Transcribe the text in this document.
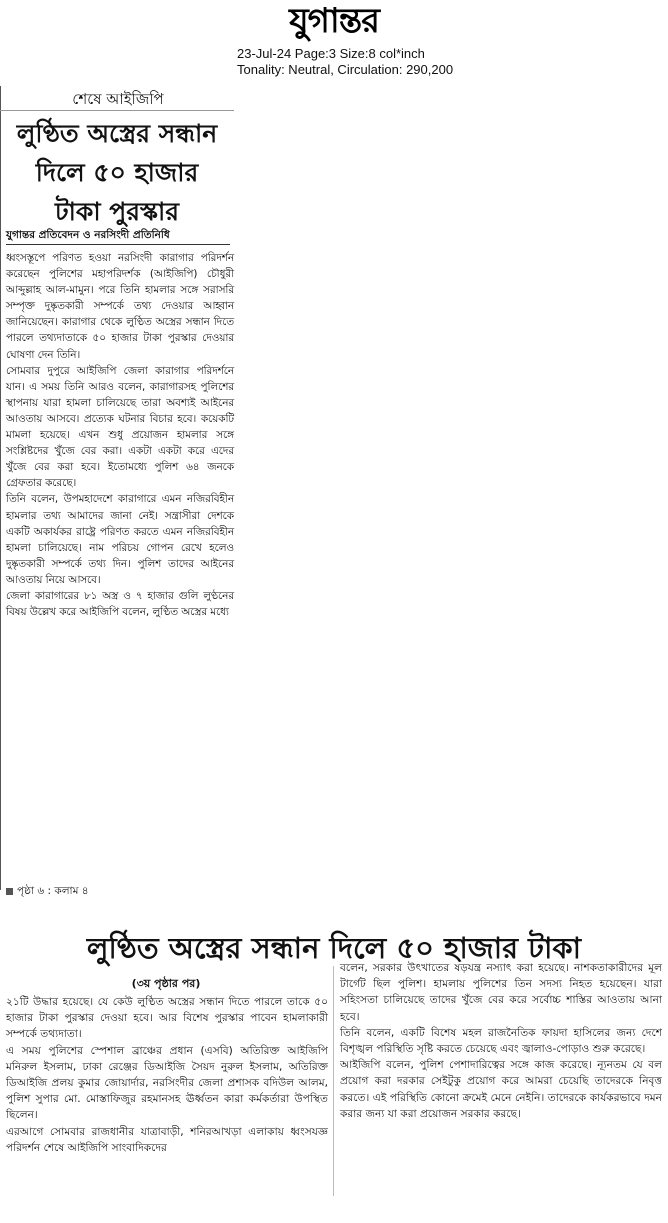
যুগান্তর
23-Jul-24 Page:3 Size:8 col*inch
Tonality: Neutral, Circulation: 290,200
শেষে আইজিপি
লুণ্ঠিত অস্ত্রের সন্ধান
দিলে ৫০ হাজার
টাকা পুরস্কার
যুগান্তর প্রতিবেদন ও নরসিংদী প্রতিনিধি

ধ্বংসস্তূপে পরিণত হওয়া নরসিংদী কারাগার পরিদর্শন করেছেন পুলিশের মহাপরিদর্শক (আইজিপি) চৌধুরী আব্দুল্লাহ আল-মামুন। পরে তিনি হামলার সঙ্গে সরাসরি সম্পৃক্ত দুষ্কৃতকারী সম্পর্কে তথ্য দেওয়ার আহ্বান জানিয়েছেন। কারাগার থেকে লুণ্ঠিত অস্ত্রের সন্ধান দিতে পারলে তথ্যদাতাকে ৫০ হাজার টাকা পুরস্কার দেওয়ার ঘোষণা দেন তিনি।

সোমবার দুপুরে আইজিপি জেলা কারাগার পরিদর্শনে যান। এ সময় তিনি আরও বলেন, কারাগারসহ পুলিশের স্থাপনায় যারা হামলা চালিয়েছে তারা অবশ্যই আইনের আওতায় আসবে। প্রত্যেক ঘটনার বিচার হবে। কয়েকটি মামলা হয়েছে। এখন শুধু প্রয়োজন হামলার সঙ্গে সংশ্লিষ্টদের খুঁজে বের করা। একটা একটা করে এদের খুঁজে বের করা হবে। ইতোমধ্যে পুলিশ ৬৪ জনকে গ্রেফতার করেছে।

তিনি বলেন, উপমহাদেশে কারাগারে এমন নজিরবিহীন হামলার তথ্য আমাদের জানা নেই। সন্ত্রাসীরা দেশকে একটি অকার্যকর রাষ্ট্রে পরিণত করতে এমন নজিরবিহীন হামলা চালিয়েছে। নাম পরিচয় গোপন রেখে হলেও দুষ্কৃতকারী সম্পর্কে তথ্য দিন। পুলিশ তাদের আইনের আওতায় নিয়ে আসবে।

জেলা কারাগারের ৮১ অস্ত্র ও ৭ হাজার গুলি লুণ্ঠনের বিষয় উল্লেখ করে আইজিপি বলেন, লুণ্ঠিত অস্ত্রের মধ্যে

পৃষ্ঠা ৬ : কলাম ৪
লুণ্ঠিত অস্ত্রের সন্ধান দিলে ৫০ হাজার টাকা
(৩য় পৃষ্ঠার পর)

২১টি উদ্ধার হয়েছে। যে কেউ লুণ্ঠিত অস্ত্রের সন্ধান দিতে পারলে তাকে ৫০ হাজার টাকা পুরস্কার দেওয়া হবে। আর বিশেষ পুরস্কার পাবেন হামলাকারী সম্পর্কে তথ্যদাতা।

এ সময় পুলিশের স্পেশাল ব্রাঞ্চের প্রধান (এসবি) অতিরিক্ত আইজিপি মনিরুল ইসলাম, ঢাকা রেঞ্জের ডিআইজি সৈয়দ নুরুল ইসলাম, অতিরিক্ত ডিআইজি প্রলয় কুমার জোয়ার্দার, নরসিংদীর জেলা প্রশাসক বদিউল আলম, পুলিশ সুপার মো. মোস্তাফিজুর রহমানসহ ঊর্ধ্বতন কারা কর্মকর্তারা উপস্থিত ছিলেন।

এরআগে সোমবার রাজধানীর যাত্রাবাড়ী, শনিরআখড়া এলাকায় ধ্বংসযজ্ঞ পরিদর্শন শেষে আইজিপি সাংবাদিকদের

বলেন, সরকার উৎখাতের ষড়যন্ত্র নস্যাৎ করা হয়েছে। নাশকতাকারীদের মূল টার্গেট ছিল পুলিশ। হামলায় পুলিশের তিন সদস্য নিহত হয়েছেন। যারা সহিংসতা চালিয়েছে তাদের খুঁজে বের করে সর্বোচ্চ শাস্তির আওতায় আনা হবে।

তিনি বলেন, একটি বিশেষ মহল রাজনৈতিক ফায়দা হাসিলের জন্য দেশে বিশৃঙ্খল পরিস্থিতি সৃষ্টি করতে চেয়েছে এবং জ্বালাও-পোড়াও শুরু করেছে।

আইজিপি বলেন, পুলিশ পেশাদারিত্বের সঙ্গে কাজ করেছে। ন্যূনতম যে বল প্রয়োগ করা দরকার সেইটুকু প্রয়োগ করে আমরা চেয়েছি তাদেরকে নিবৃত্ত করতে। এই পরিস্থিতি কোনো ক্রমেই মেনে নেইনি। তাদেরকে কার্যকরভাবে দমন করার জন্য যা করা প্রয়োজন সরকার করছে।
